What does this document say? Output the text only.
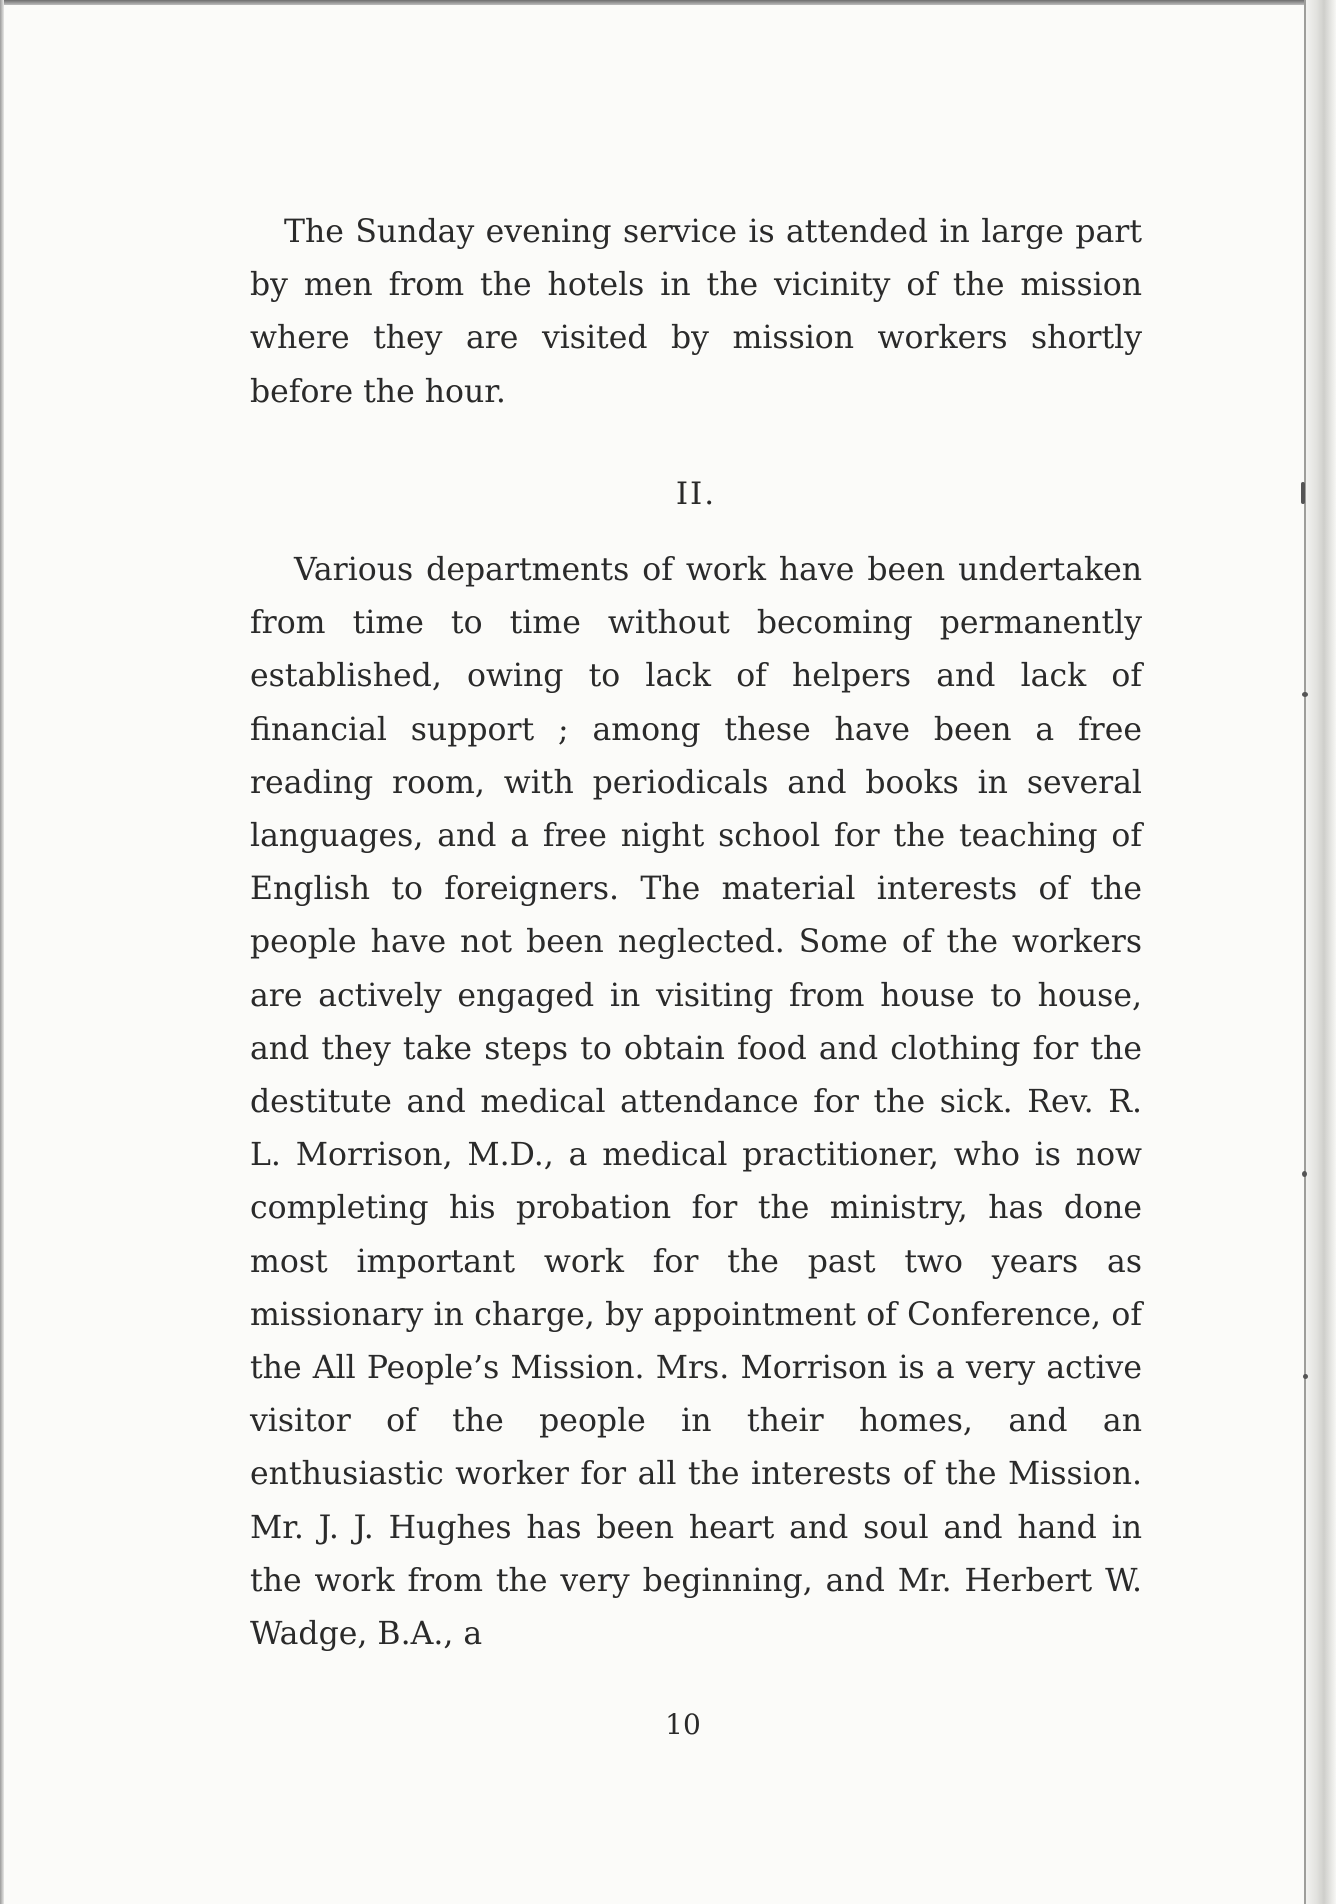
The Sunday evening service is attended in large part by men from the hotels in the vicinity of the mission where they are visited by mission workers shortly before the hour.

II.

Various departments of work have been undertaken from time to time without becoming permanently established, owing to lack of helpers and lack of financial support ; among these have been a free reading room, with periodicals and books in several languages, and a free night school for the teaching of English to foreigners. The material interests of the people have not been neglected. Some of the workers are actively engaged in visiting from house to house, and they take steps to obtain food and clothing for the destitute and medical attendance for the sick. Rev. R. L. Morrison, M.D., a medical practitioner, who is now completing his probation for the ministry, has done most important work for the past two years as missionary in charge, by appointment of Conference, of the All People’s Mission. Mrs. Morrison is a very active visitor of the people in their homes, and an enthusiastic worker for all the interests of the Mission. Mr. J. J. Hughes has been heart and soul and hand in the work from the very beginning, and Mr. Herbert W. Wadge, B.A., a

10
